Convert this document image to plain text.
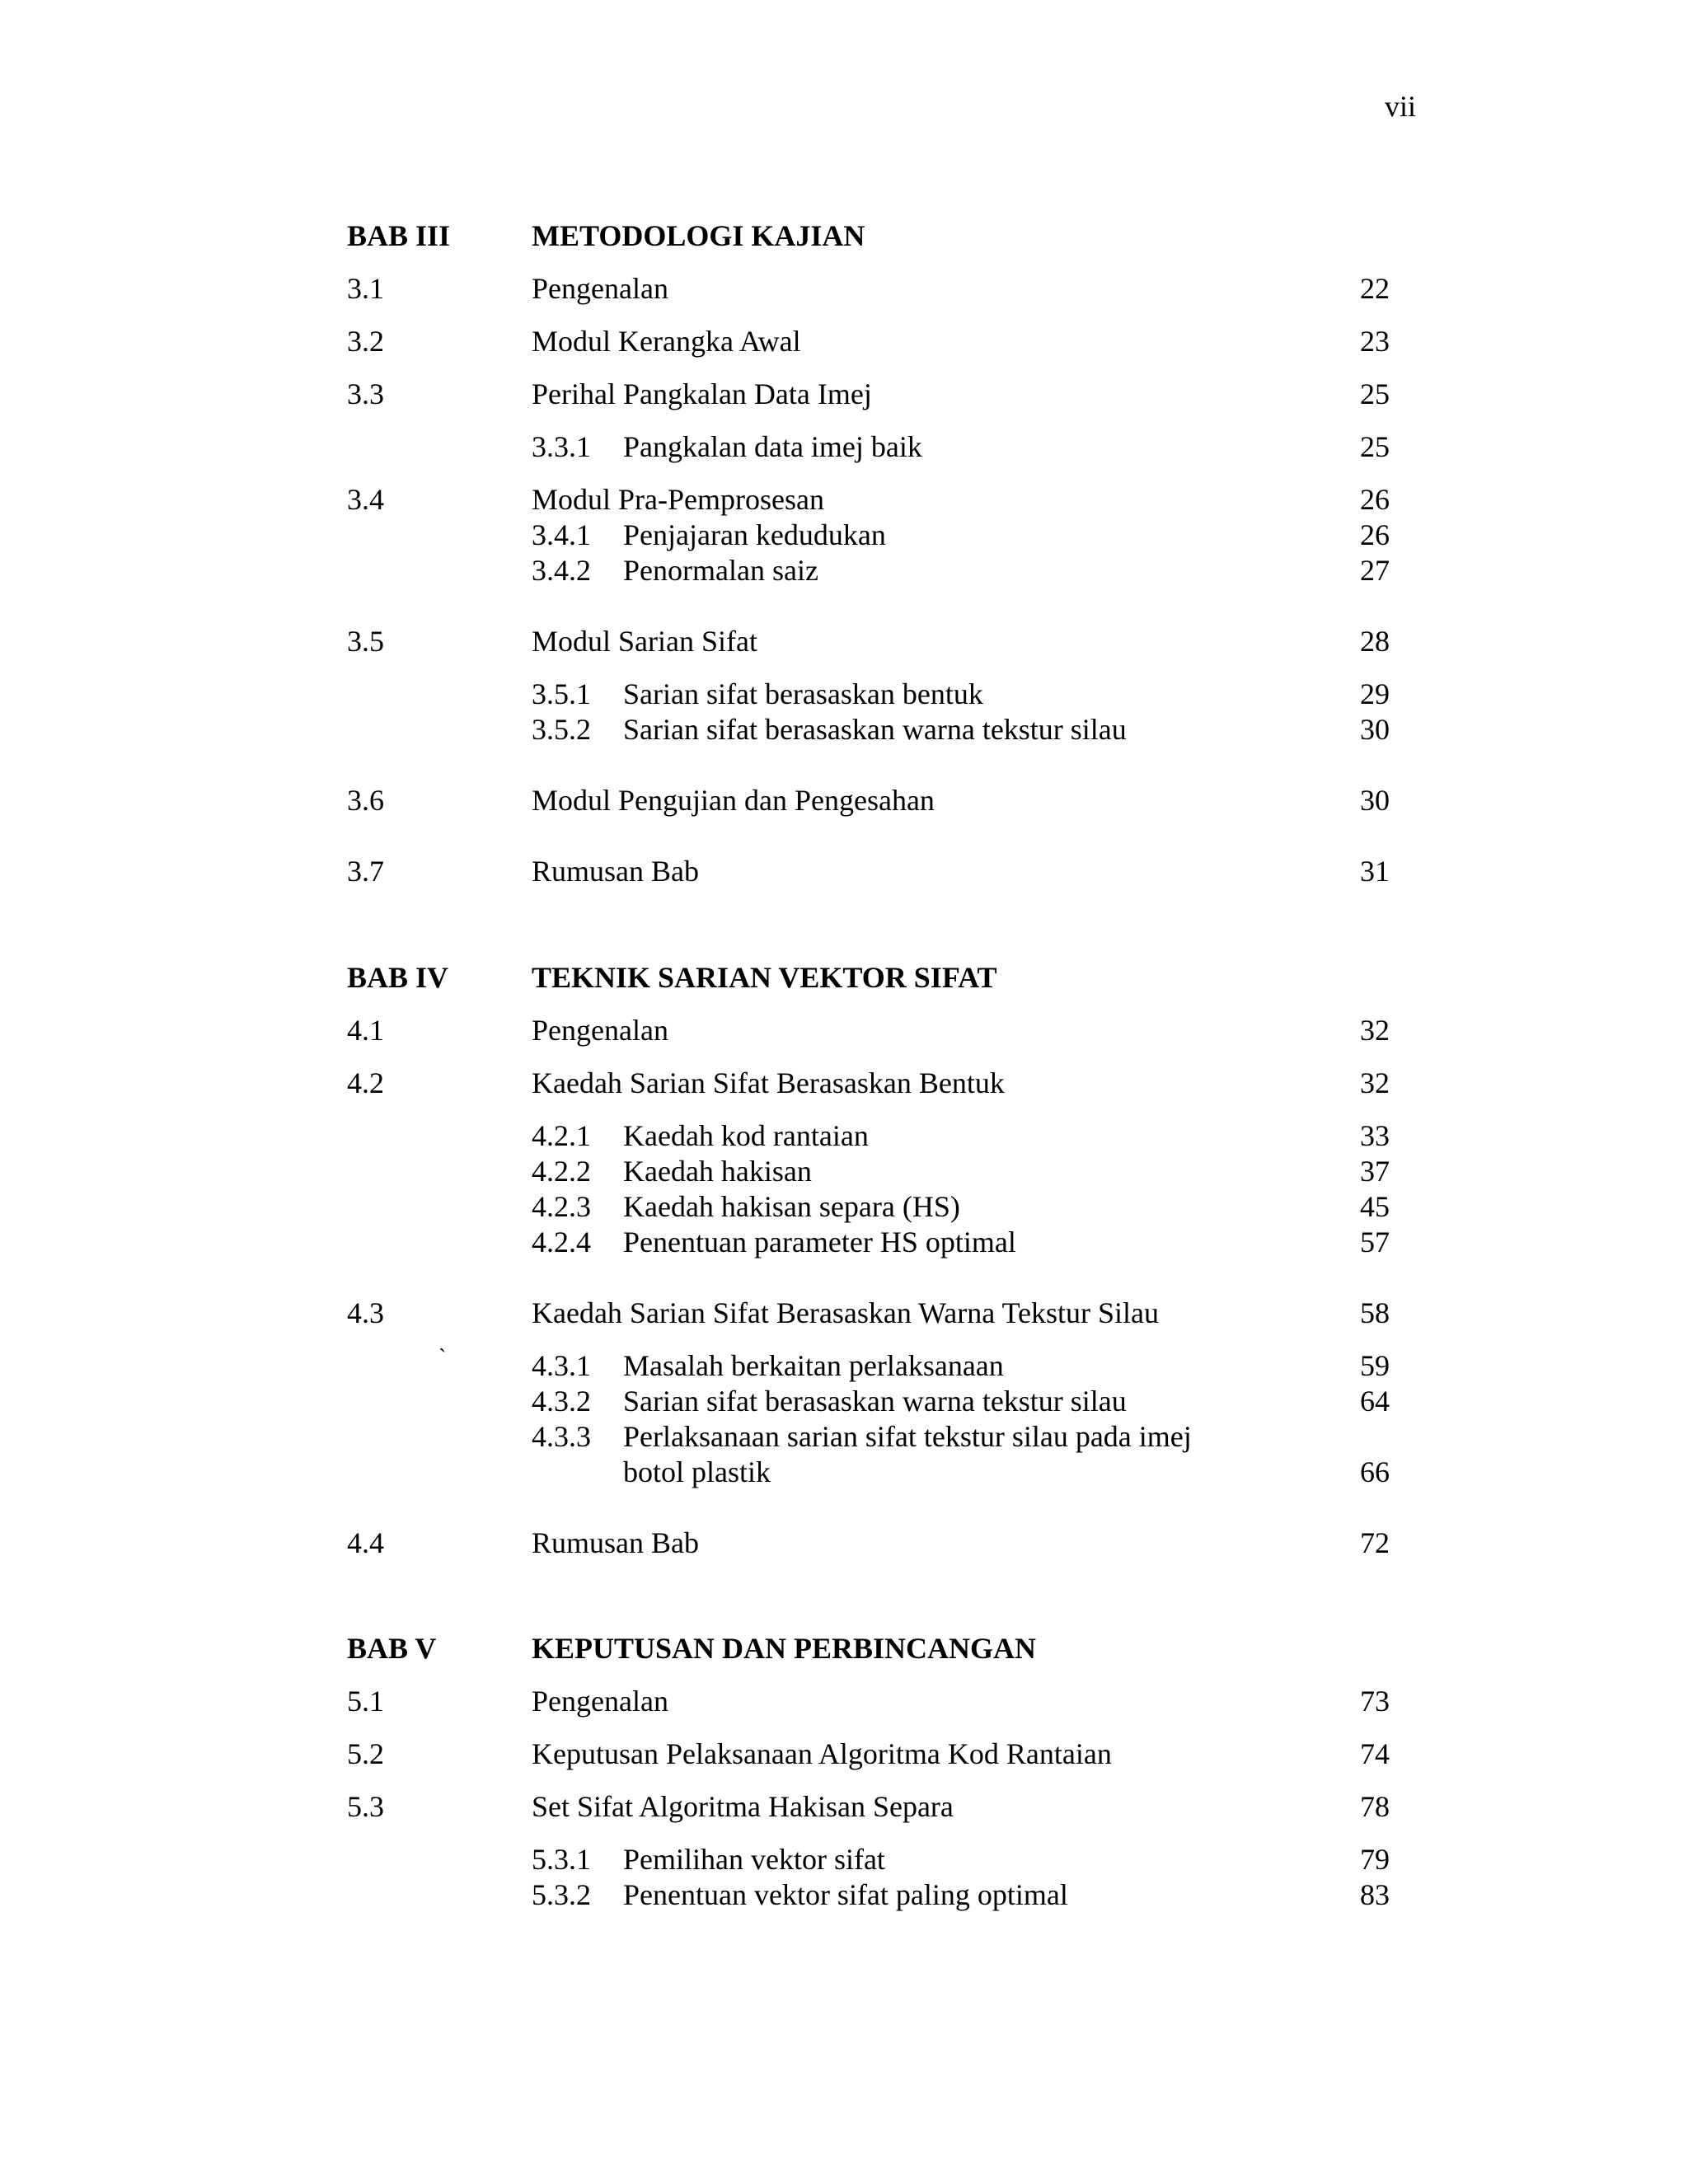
vii
BAB III	METODOLOGI KAJIAN
3.1	Pengenalan	22
3.2	Modul Kerangka Awal	23
3.3	Perihal Pangkalan Data Imej	25
3.3.1 Pangkalan data imej baik	25
3.4	Modul Pra-Pemprosesan	26
3.4.1 Penjajaran kedudukan	26
3.4.2 Penormalan saiz	27
3.5	Modul Sarian Sifat	28
3.5.1 Sarian sifat berasaskan bentuk	29
3.5.2 Sarian sifat berasaskan warna tekstur silau	30
3.6	Modul Pengujian dan Pengesahan	30
3.7	Rumusan Bab	31
BAB IV	TEKNIK SARIAN VEKTOR SIFAT
4.1	Pengenalan	32
4.2	Kaedah Sarian Sifat Berasaskan Bentuk	32
4.2.1 Kaedah kod rantaian	33
4.2.2 Kaedah hakisan	37
4.2.3 Kaedah hakisan separa (HS)	45
4.2.4 Penentuan parameter HS optimal	57
4.3	Kaedah Sarian Sifat Berasaskan Warna Tekstur Silau	58
`	4.3.1 Masalah berkaitan perlaksanaan	59
4.3.2 Sarian sifat berasaskan warna tekstur silau	64
4.3.3 Perlaksanaan sarian sifat tekstur silau pada imej
botol plastik	66
4.4	Rumusan Bab	72
BAB V	KEPUTUSAN DAN PERBINCANGAN
5.1	Pengenalan	73
5.2	Keputusan Pelaksanaan Algoritma Kod Rantaian	74
5.3	Set Sifat Algoritma Hakisan Separa	78
5.3.1 Pemilihan vektor sifat	79
5.3.2 Penentuan vektor sifat paling optimal	83
